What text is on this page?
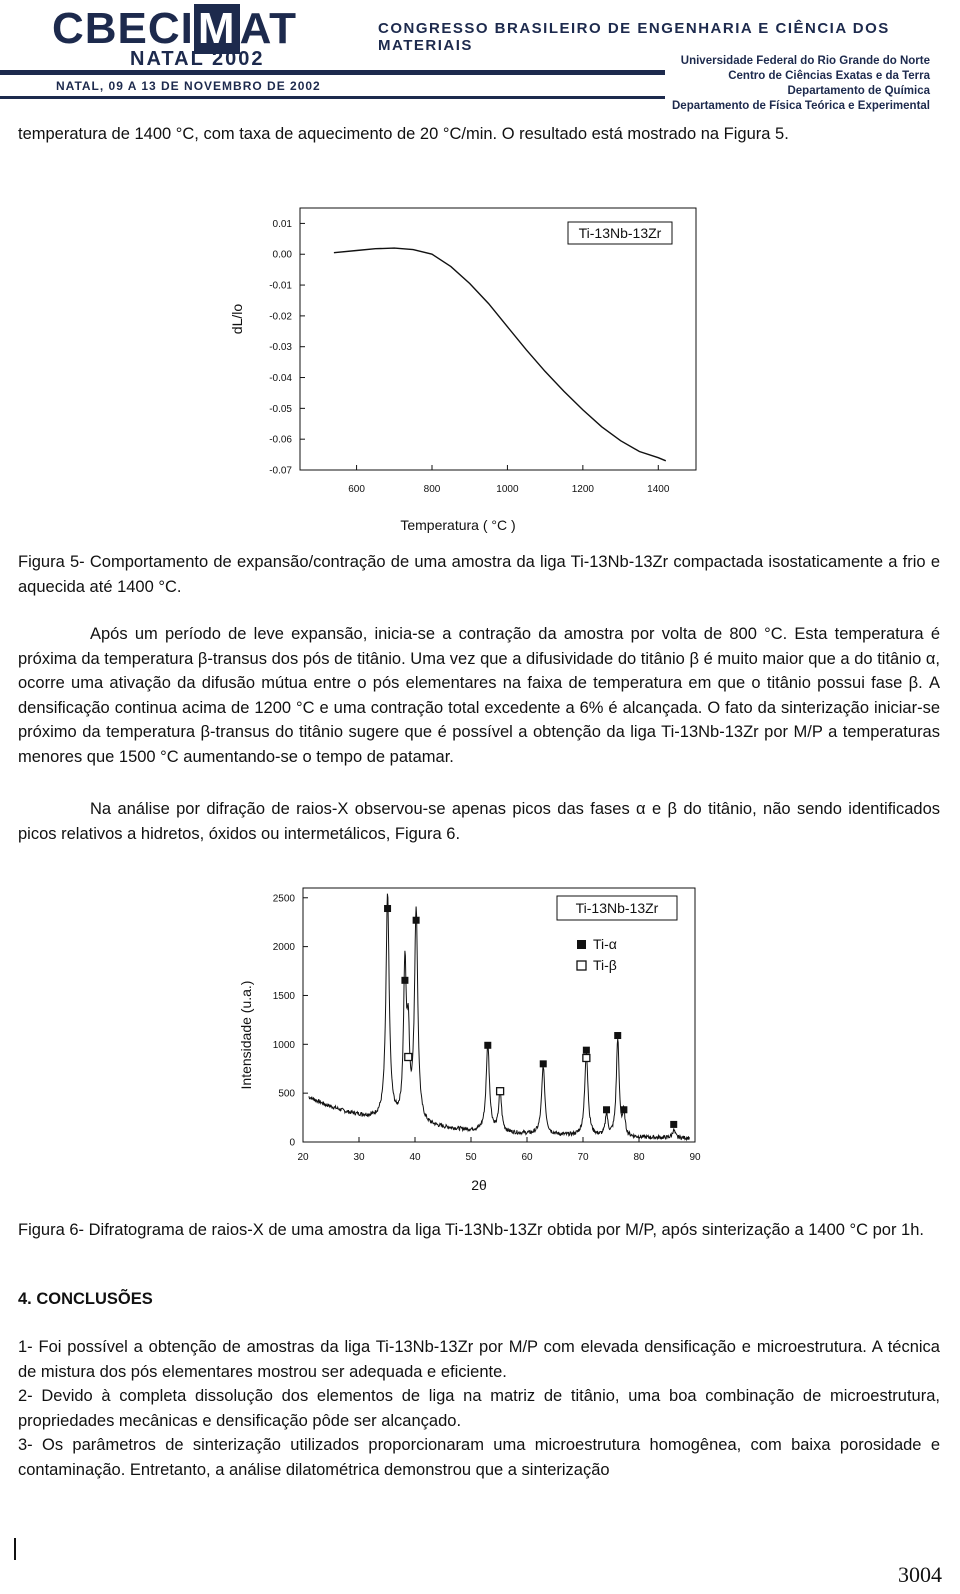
CBECIMAT
NATAL 2002
CONGRESSO BRASILEIRO DE ENGENHARIA E CIÊNCIA DOS MATERIAIS
NATAL, 09 A 13 DE NOVEMBRO DE 2002
Universidade Federal do Rio Grande do Norte
Centro de Ciências Exatas e da Terra
Departamento de Química
Departamento de Física Teórica e Experimental

temperatura de 1400 °C, com taxa de aquecimento de 20 °C/min. O resultado está mostrado na Figura 5.

0.01
0.00
-0.01
-0.02
-0.03
-0.04
-0.05
-0.06
-0.07
600	800	1000	1200	1400
Ti-13Nb-13Zr
Temperatura ( °C )
dL/lo

Figura 5- Comportamento de expansão/contração de uma amostra da liga Ti-13Nb-13Zr compactada isostaticamente a frio e aquecida até 1400 °C.

Após um período de leve expansão, inicia-se a contração da amostra por volta de 800 °C. Esta temperatura é próxima da temperatura β-transus dos pós de titânio. Uma vez que a difusividade do titânio β é muito maior que a do titânio α, ocorre uma ativação da difusão mútua entre o pós elementares na faixa de temperatura em que o titânio possui fase β. A densificação continua acima de 1200 °C e uma contração total excedente a 6% é alcançada. O fato da sinterização iniciar-se próximo da temperatura β-transus do titânio sugere que é possível a obtenção da liga Ti-13Nb-13Zr por M/P a temperaturas menores que 1500 °C aumentando-se o tempo de patamar.

Na análise por difração de raios-X observou-se apenas picos das fases α e β do titânio, não sendo identificados picos relativos a hidretos, óxidos ou intermetálicos, Figura 6.

0
500
1000
1500
2000
2500
20	30	40	50	60	70	80	90
Ti-13Nb-13Zr
Ti-α
Ti-β
2θ
Intensidade (u.a.)

Figura 6- Difratograma de raios-X de uma amostra da liga Ti-13Nb-13Zr obtida por M/P, após sinterização a 1400 °C por 1h.

4. CONCLUSÕES

1- Foi possível a obtenção de amostras da liga Ti-13Nb-13Zr por M/P com elevada densificação e microestrutura. A técnica de mistura dos pós elementares mostrou ser adequada e eficiente.

2- Devido à completa dissolução dos elementos de liga na matriz de titânio, uma boa combinação de microestrutura, propriedades mecânicas e densificação pôde ser alcançado.

3- Os parâmetros de sinterização utilizados proporcionaram uma microestrutura homogênea, com baixa porosidade e contaminação. Entretanto, a análise dilatométrica demonstrou que a sinterização

3004
